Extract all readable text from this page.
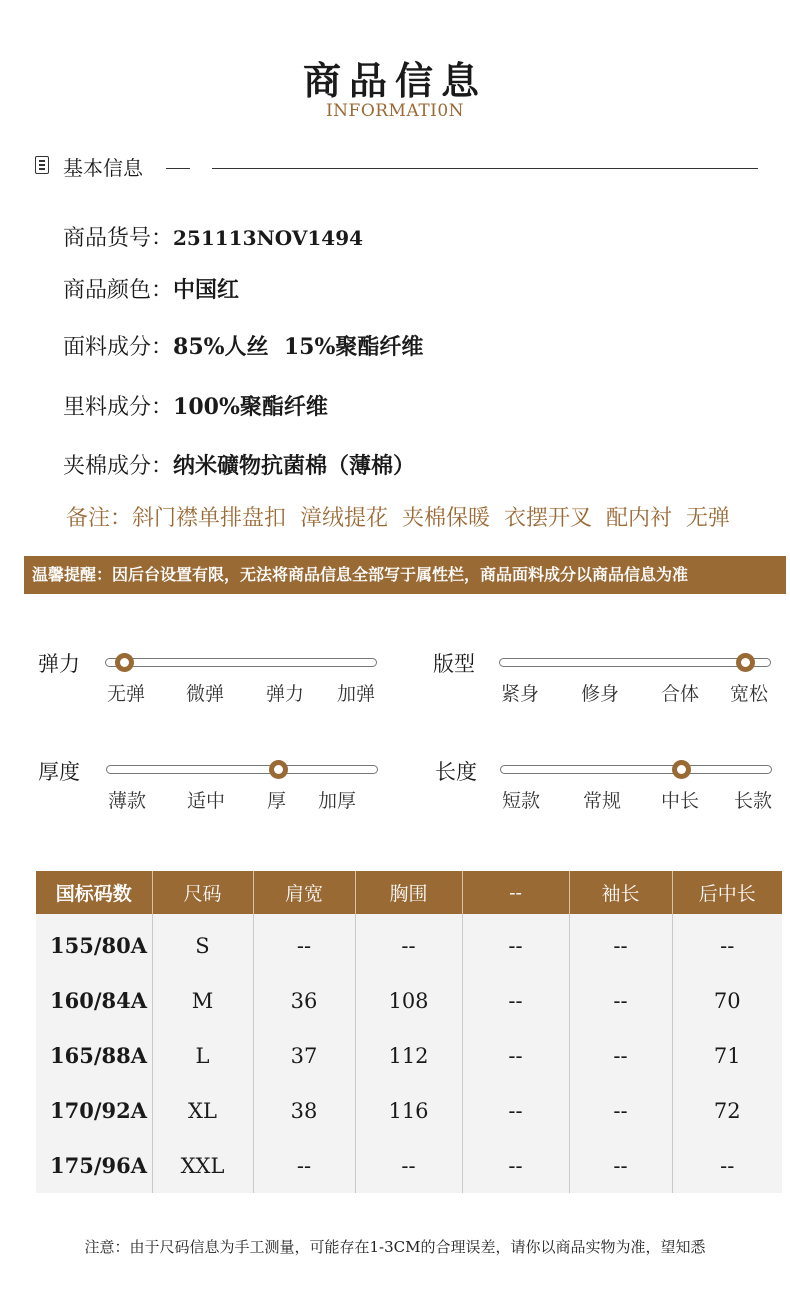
商品信息
INFORMATI0N
基本信息
商品货号：251113NOV1494
商品颜色：中国红
面料成分：85%人丝  15%聚酯纤维
里料成分：100%聚酯纤维
夹棉成分：纳米礦物抗菌棉（薄棉）
备注：斜门襟单排盘扣  漳绒提花  夹棉保暖  衣摆开叉  配内衬  无弹
温馨提醒：因后台设置有限，无法将商品信息全部写于属性栏，商品面料成分以商品信息为准
弹力
无弹 微弹 弹力 加弹
版型
紧身 修身 合体 宽松
厚度
薄款 适中 厚 加厚
长度
短款 常规 中长 长款
国标码数	尺码	肩宽	胸围	--	袖长	后中长
155/80A	S	--	--	--	--	--
160/84A	M	36	108	--	--	70
165/88A	L	37	112	--	--	71
170/92A	XL	38	116	--	--	72
175/96A	XXL	--	--	--	--	--
注意：由于尺码信息为手工测量，可能存在1-3CM的合理误差，请你以商品实物为准，望知悉
